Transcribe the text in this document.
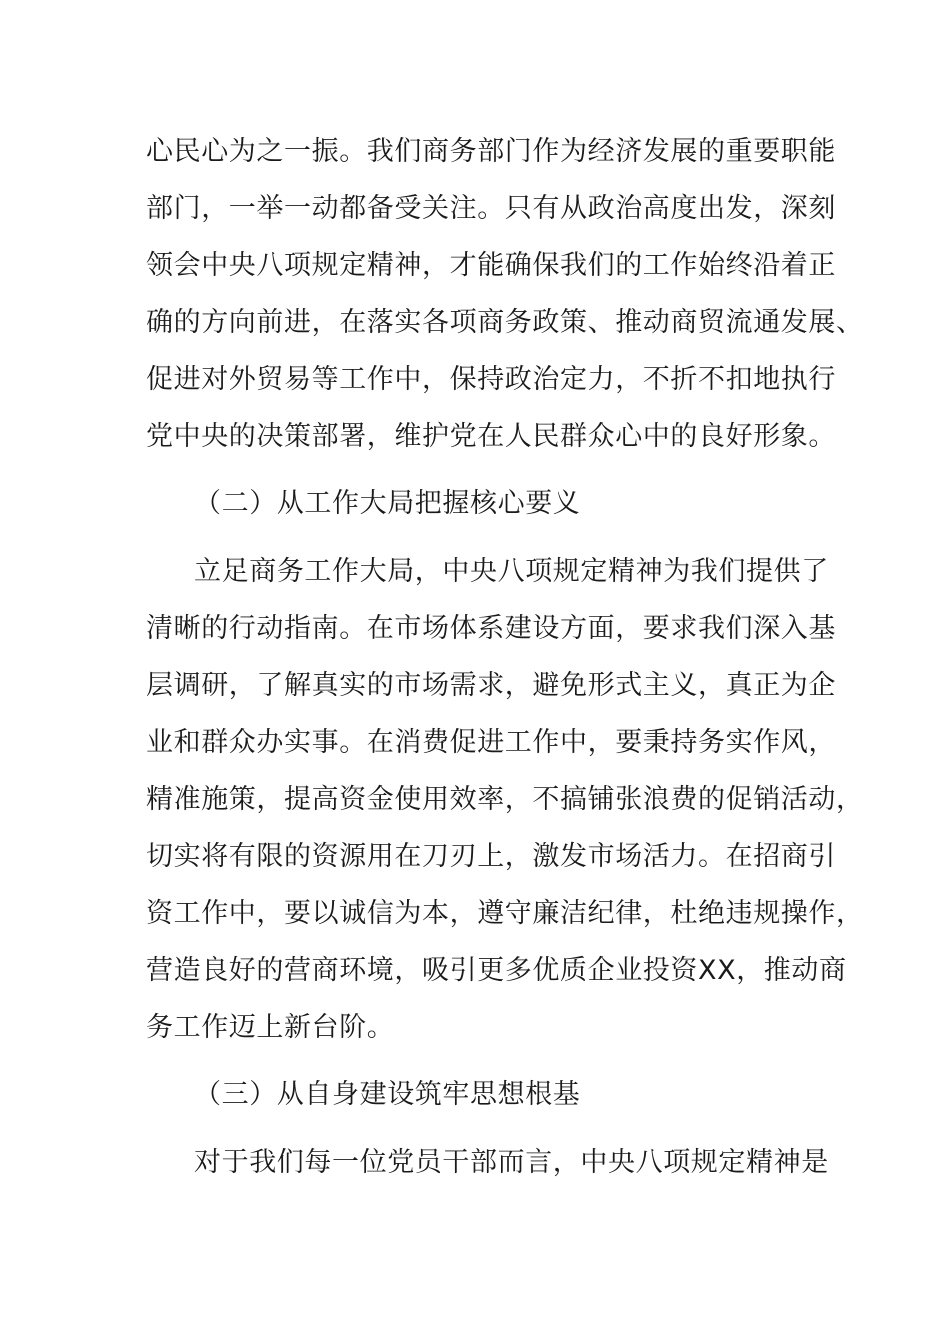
心民心为之一振。我们商务部门作为经济发展的重要职能
部门，一举一动都备受关注。只有从政治高度出发，深刻
领会中央八项规定精神，才能确保我们的工作始终沿着正
确的方向前进，在落实各项商务政策、推动商贸流通发展、
促进对外贸易等工作中，保持政治定力，不折不扣地执行
党中央的决策部署，维护党在人民群众心中的良好形象。
（二）从工作大局把握核心要义
立足商务工作大局，中央八项规定精神为我们提供了
清晰的行动指南。在市场体系建设方面，要求我们深入基
层调研，了解真实的市场需求，避免形式主义，真正为企
业和群众办实事。在消费促进工作中，要秉持务实作风，
精准施策，提高资金使用效率，不搞铺张浪费的促销活动，
切实将有限的资源用在刀刃上，激发市场活力。在招商引
资工作中，要以诚信为本，遵守廉洁纪律，杜绝违规操作，
营造良好的营商环境，吸引更多优质企业投资XX，推动商
务工作迈上新台阶。
（三）从自身建设筑牢思想根基
对于我们每一位党员干部而言，中央八项规定精神是
